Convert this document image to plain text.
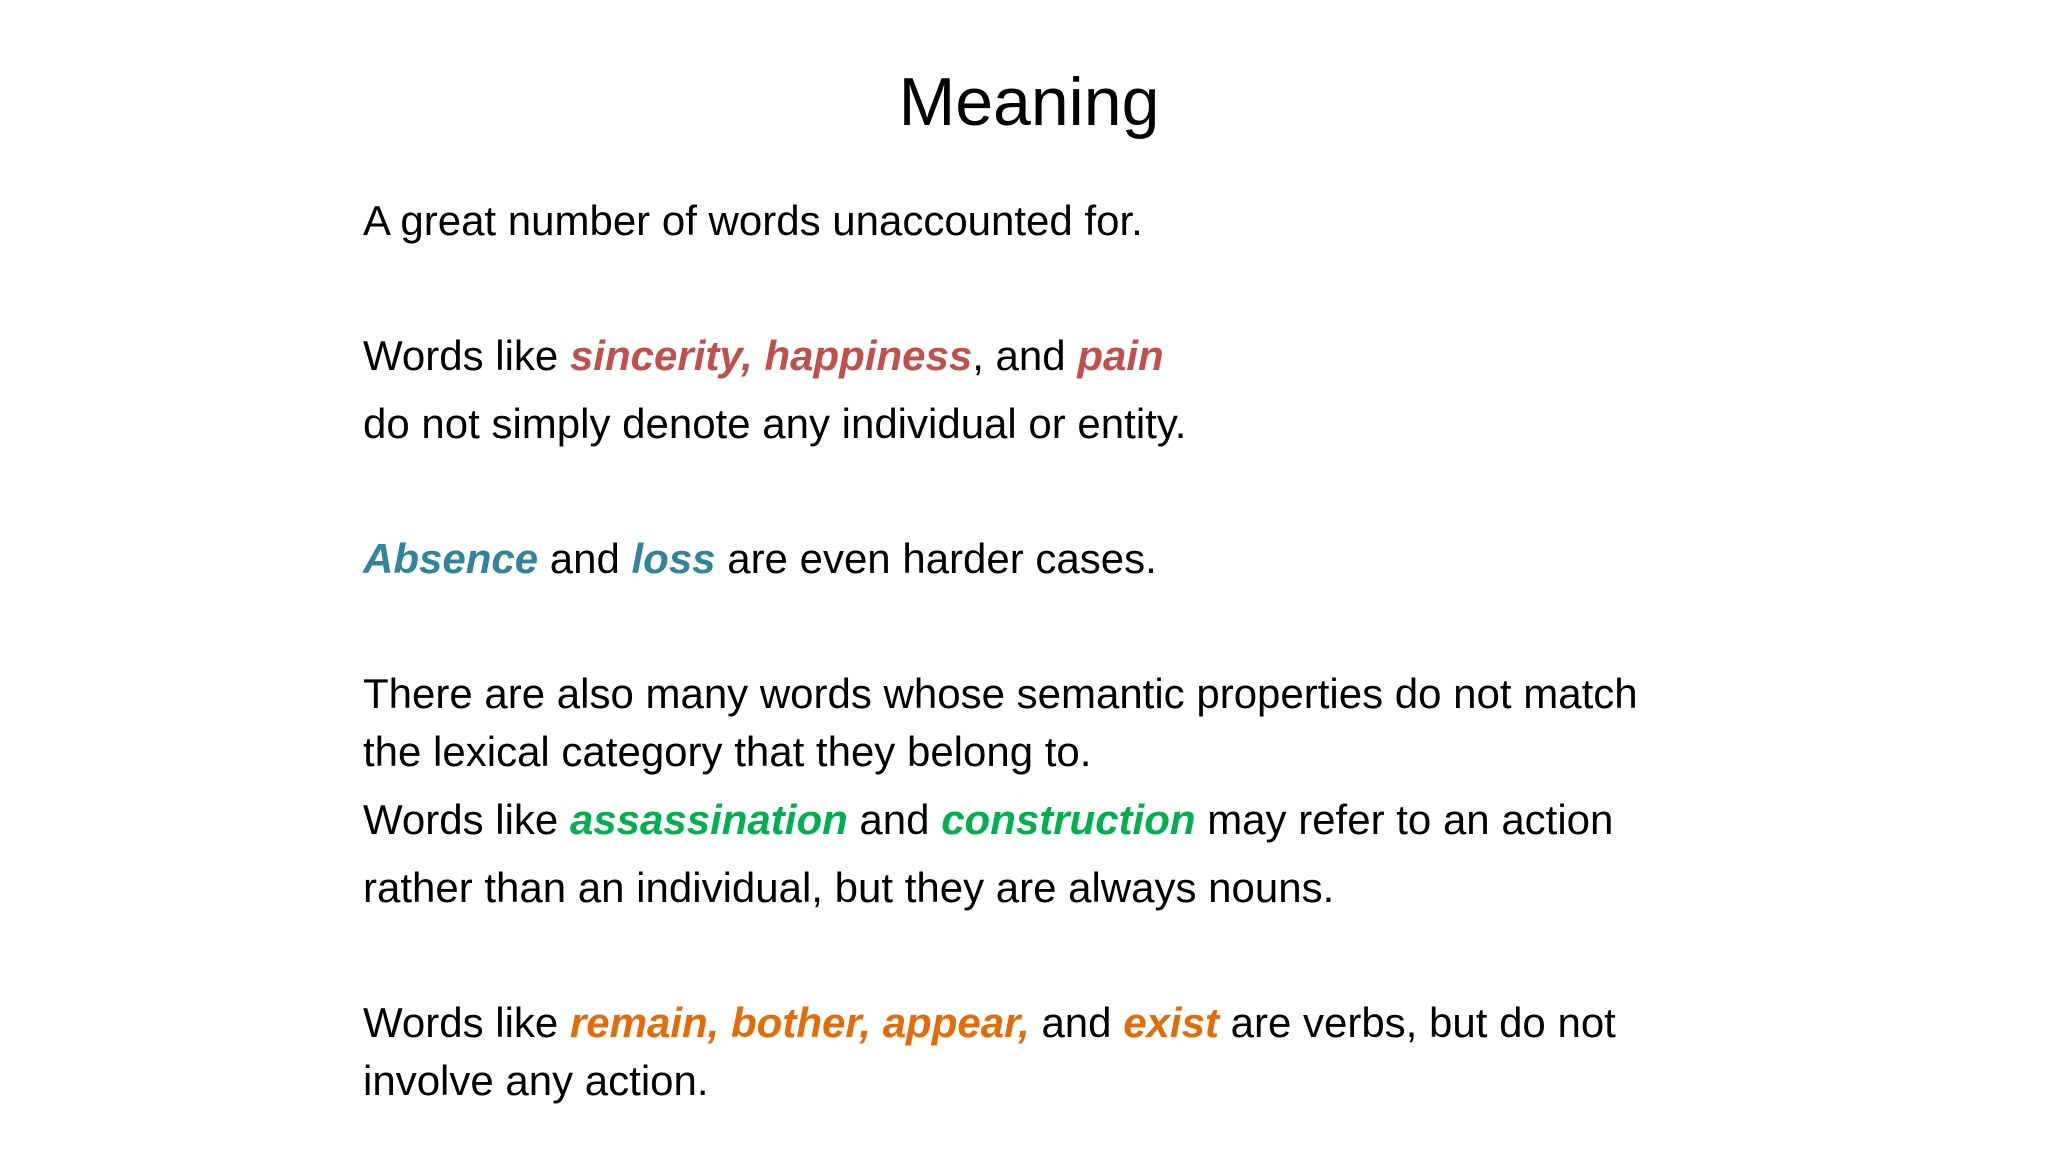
Meaning
A great number of words unaccounted for.
Words like sincerity, happiness, and pain
do not simply denote any individual or entity.
Absence and loss are even harder cases.
There are also many words whose semantic properties do not match
the lexical category that they belong to.
Words like assassination and construction may refer to an action
rather than an individual, but they are always nouns.
Words like remain, bother, appear, and exist are verbs, but do not
involve any action.
